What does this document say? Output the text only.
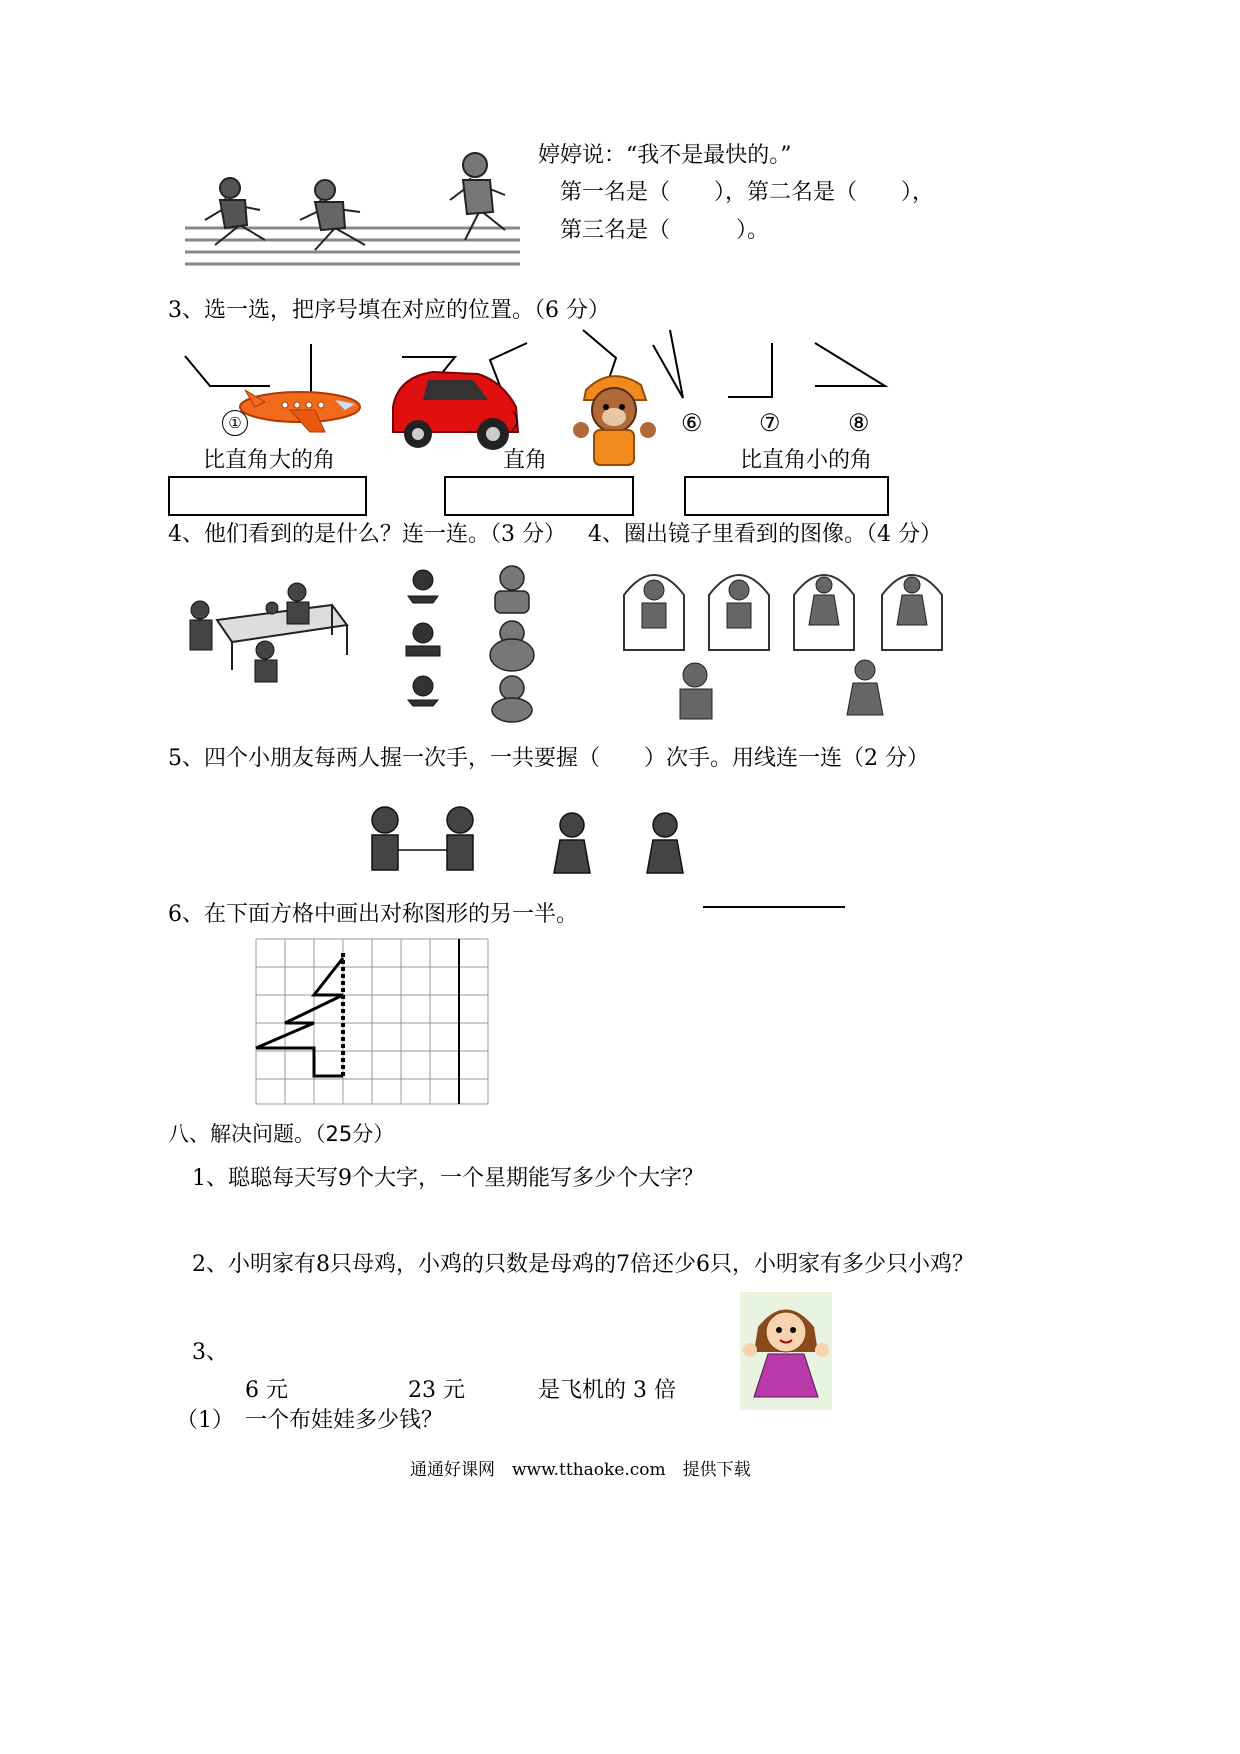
婷婷说：“我不是最快的。”
第一名是（　　），第二名是（　　），
第三名是（　　　）。
3、选一选，把序号填在对应的位置。（6 分）
①	）	⑥ ⑦	⑧
比直角大的角	直角	比直角小的角
4、他们看到的是什么？连一连。（3 分） 4、圈出镜子里看到的图像。（4 分）
5、四个小朋友每两人握一次手，一共要握（　　）次手。用线连一连（2 分）
6、在下面方格中画出对称图形的另一半。
八、解决问题。（25分）
1、聪聪每天写9个大字，一个星期能写多少个大字？
2、小明家有8只母鸡，小鸡的只数是母鸡的7倍还少6只，小明家有多少只小鸡？
3、
6 元	23 元	是飞机的 3 倍
（1）　一个布娃娃多少钱？
通通好课网　www.tthaoke.com　提供下载
